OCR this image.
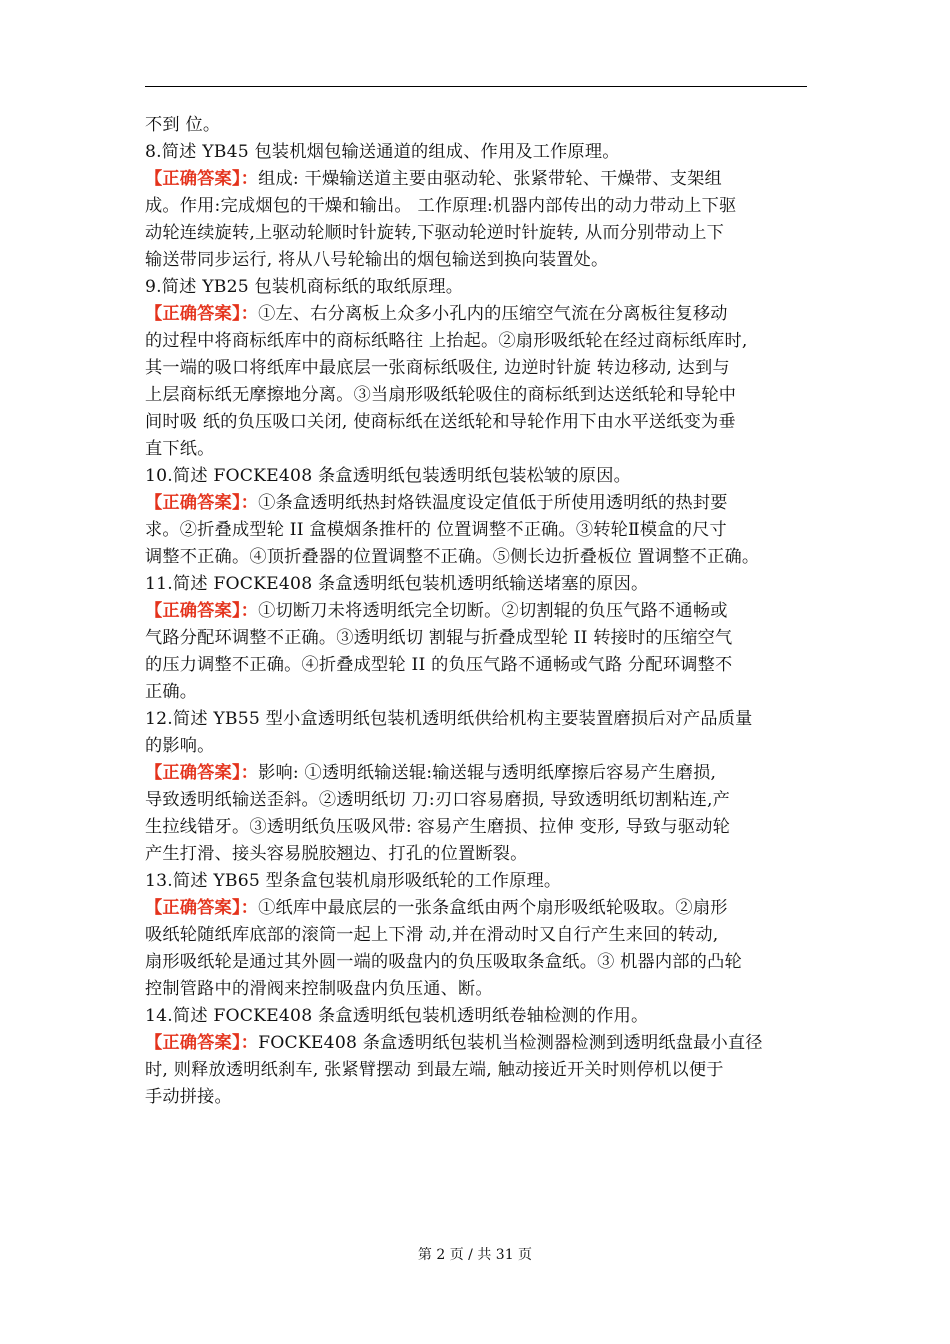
不到 位。
8.简述 YB45 包装机烟包输送通道的组成、作用及工作原理。
【正确答案】：组成: 干燥输送道主要由驱动轮、张紧带轮、干燥带、支架组
成。作用:完成烟包的干燥和输出。 工作原理:机器内部传出的动力带动上下驱
动轮连续旋转,上驱动轮顺时针旋转,下驱动轮逆时针旋转, 从而分别带动上下
输送带同步运行, 将从八号轮输出的烟包输送到换向装置处。
9.简述 YB25 包装机商标纸的取纸原理。
【正确答案】：①左、右分离板上众多小孔内的压缩空气流在分离板往复移动
的过程中将商标纸库中的商标纸略往 上抬起。②扇形吸纸轮在经过商标纸库时,
其一端的吸口将纸库中最底层一张商标纸吸住, 边逆时针旋 转边移动, 达到与
上层商标纸无摩擦地分离。③当扇形吸纸轮吸住的商标纸到达送纸轮和导轮中
间时吸 纸的负压吸口关闭, 使商标纸在送纸轮和导轮作用下由水平送纸变为垂
直下纸。
10.简述 FOCKE408 条盒透明纸包装透明纸包装松皱的原因。
【正确答案】：①条盒透明纸热封烙铁温度设定值低于所使用透明纸的热封要
求。②折叠成型轮 II 盒模烟条推杆的 位置调整不正确。③转轮Ⅱ模盒的尺寸
调整不正确。④顶折叠器的位置调整不正确。⑤侧长边折叠板位 置调整不正确。
11.简述 FOCKE408 条盒透明纸包装机透明纸输送堵塞的原因。
【正确答案】：①切断刀未将透明纸完全切断。②切割辊的负压气路不通畅或
气路分配环调整不正确。③透明纸切 割辊与折叠成型轮 II 转接时的压缩空气
的压力调整不正确。④折叠成型轮 II 的负压气路不通畅或气路 分配环调整不
正确。
12.简述 YB55 型小盒透明纸包装机透明纸供给机构主要装置磨损后对产品质量
的影响。
【正确答案】：影响: ①透明纸输送辊:输送辊与透明纸摩擦后容易产生磨损,
导致透明纸输送歪斜。②透明纸切 刀:刃口容易磨损, 导致透明纸切割粘连,产
生拉线错牙。③透明纸负压吸风带: 容易产生磨损、拉伸 变形, 导致与驱动轮
产生打滑、接头容易脱胶翘边、打孔的位置断裂。
13.简述 YB65 型条盒包装机扇形吸纸轮的工作原理。
【正确答案】：①纸库中最底层的一张条盒纸由两个扇形吸纸轮吸取。②扇形
吸纸轮随纸库底部的滚筒一起上下滑 动,并在滑动时又自行产生来回的转动,
扇形吸纸轮是通过其外圆一端的吸盘内的负压吸取条盒纸。③ 机器内部的凸轮
控制管路中的滑阀来控制吸盘内负压通、断。
14.简述 FOCKE408 条盒透明纸包装机透明纸卷轴检测的作用。
【正确答案】：FOCKE408 条盒透明纸包装机当检测器检测到透明纸盘最小直径
时, 则释放透明纸刹车, 张紧臂摆动 到最左端, 触动接近开关时则停机以便于
手动拼接。
第 2 页 / 共 31 页
